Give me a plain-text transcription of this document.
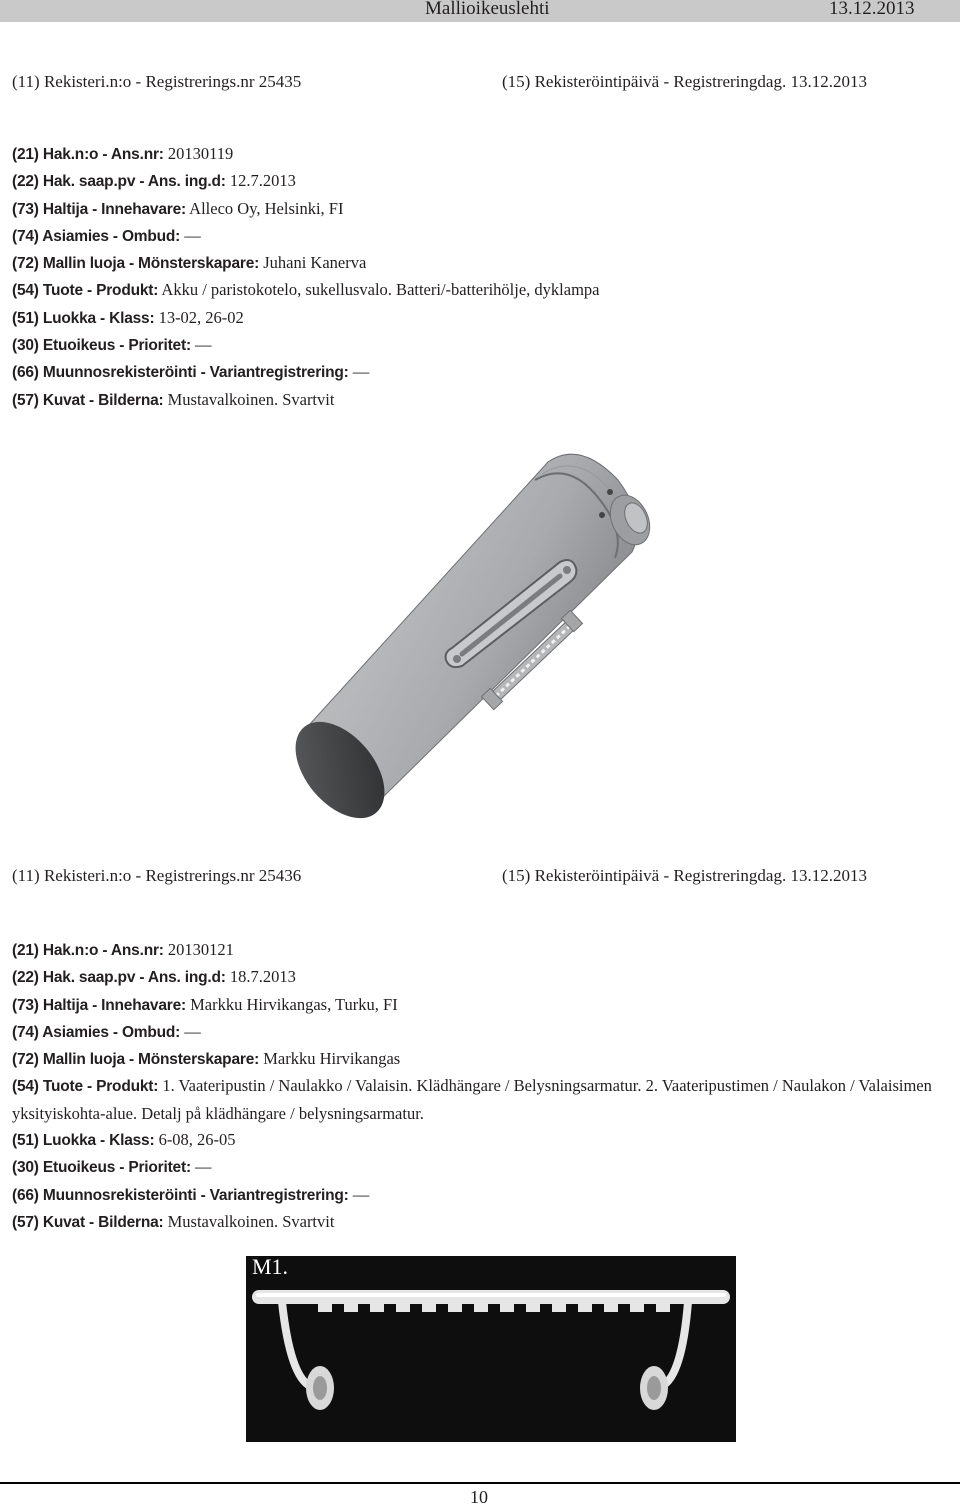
Mallioikeuslehti	13.12.2013
(11) Rekisteri.n:o - Registrerings.nr 25435	(15) Rekisteröintipäivä - Registreringdag. 13.12.2013
(21) Hak.n:o - Ans.nr: 20130119
(22) Hak. saap.pv - Ans. ing.d: 12.7.2013
(73) Haltija - Innehavare: Alleco Oy, Helsinki, FI
(74) Asiamies - Ombud: —
(72) Mallin luoja - Mönsterskapare: Juhani Kanerva
(54) Tuote - Produkt: Akku / paristokotelo, sukellusvalo. Batteri/-batterihölje, dyklampa
(51) Luokka - Klass: 13-02, 26-02
(30) Etuoikeus - Prioritet: —
(66) Muunnosrekisteröinti - Variantregistrering: —
(57) Kuvat - Bilderna: Mustavalkoinen. Svartvit
(11) Rekisteri.n:o - Registrerings.nr 25436	(15) Rekisteröintipäivä - Registreringdag. 13.12.2013
(21) Hak.n:o - Ans.nr: 20130121
(22) Hak. saap.pv - Ans. ing.d: 18.7.2013
(73) Haltija - Innehavare: Markku Hirvikangas, Turku, FI
(74) Asiamies - Ombud: —
(72) Mallin luoja - Mönsterskapare: Markku Hirvikangas
(54) Tuote - Produkt: 1. Vaateripustin / Naulakko / Valaisin. Klädhängare / Belysningsarmatur. 2. Vaateripustimen / Naulakon / Valaisimen yksityiskohta-alue. Detalj på klädhängare / belysningsarmatur.
(51) Luokka - Klass: 6-08, 26-05
(30) Etuoikeus - Prioritet: —
(66) Muunnosrekisteröinti - Variantregistrering: —
(57) Kuvat - Bilderna: Mustavalkoinen. Svartvit
M1.
10
